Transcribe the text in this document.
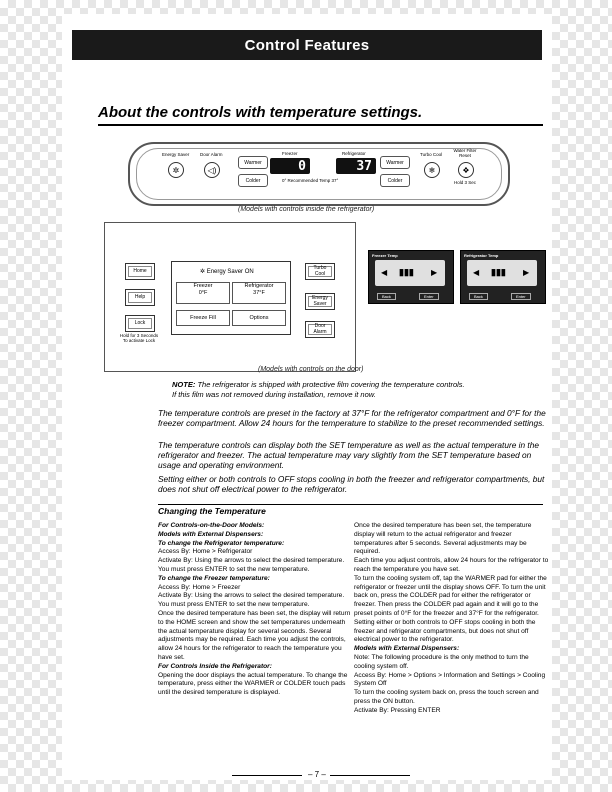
Control Features
About the controls with temperature settings.
Energy Saver
✲
Door Alarm
◁)
Warmer
Colder
Freezer
0
Refrigerator
37
0° Recommended Temp 37°
Warmer
Colder
Turbo Cool
❄
Water Filter Reset
❖
Hold 3 Sec
(Models with controls inside the refrigerator)
Home
Help
Lock
Hold for 3 Seconds To activate Lock
✲ Energy Saver ON
Freezer
0°F
Refrigerator
37°F
Freeze Fill	Options
Turbo Cool
Energy Saver
Door Alarm
Freezer Temp
◀ ▮▮▮ ▶
Back	Enter
Refrigerator Temp
◀ ▮▮▮ ▶
Back	Enter
(Models with controls on the door)
NOTE: The refrigerator is shipped with protective film covering the temperature controls.
If this film was not removed during installation, remove it now.
The temperature controls are preset in the factory at 37°F for the refrigerator compartment and 0°F for the freezer compartment. Allow 24 hours for the temperature to stabilize to the preset recommended settings.
The temperature controls can display both the SET temperature as well as the actual temperature in the refrigerator and freezer. The actual temperature may vary slightly from the SET temperature based on usage and operating environment.
Setting either or both controls to OFF stops cooling in both the freezer and refrigerator compartments, but does not shut off electrical power to the refrigerator.
Changing the Temperature

For Controls-on-the-Door Models:

Models with External Dispensers:

To change the Refrigerator temperature:

Access By: Home > Refrigerator

Activate By: Using the arrows to select the desired temperature. You must press ENTER to set the new temperature.

To change the Freezer temperature:

Access By: Home > Freezer

Activate By: Using the arrows to select the desired temperature. You must press ENTER to set the new temperature.

Once the desired temperature has been set, the display will return to the HOME screen and show the set temperatures underneath the actual temperature display for several seconds. Several adjustments may be required. Each time you adjust the controls, allow 24 hours for the refrigerator to reach the temperature you have set.

For Controls Inside the Refrigerator:

Opening the door displays the actual temperature. To change the temperature, press either the WARMER or COLDER touch pads until the desired temperature is displayed.

Once the desired temperature has been set, the temperature display will return to the actual refrigerator and freezer temperatures after 5 seconds. Several adjustments may be required.

Each time you adjust controls, allow 24 hours for the refrigerator to reach the temperature you have set.

To turn the cooling system off, tap the WARMER pad for either the refrigerator or freezer until the display shows OFF. To turn the unit back on, press the COLDER pad for either the refrigerator or freezer. Then press the COLDER pad again and it will go to the preset points of 0°F for the freezer and 37°F for the refrigerator. Setting either or both controls to OFF stops cooling in both the freezer and refrigerator compartments, but does not shut off electrical power to the refrigerator.

Models with External Dispensers:

Note: The following procedure is the only method to turn the cooling system off.

Access By: Home > Options > Information and Settings > Cooling System Off

To turn the cooling system back on, press the touch screen and press the ON button.

Activate By: Pressing ENTER

– 7 –
